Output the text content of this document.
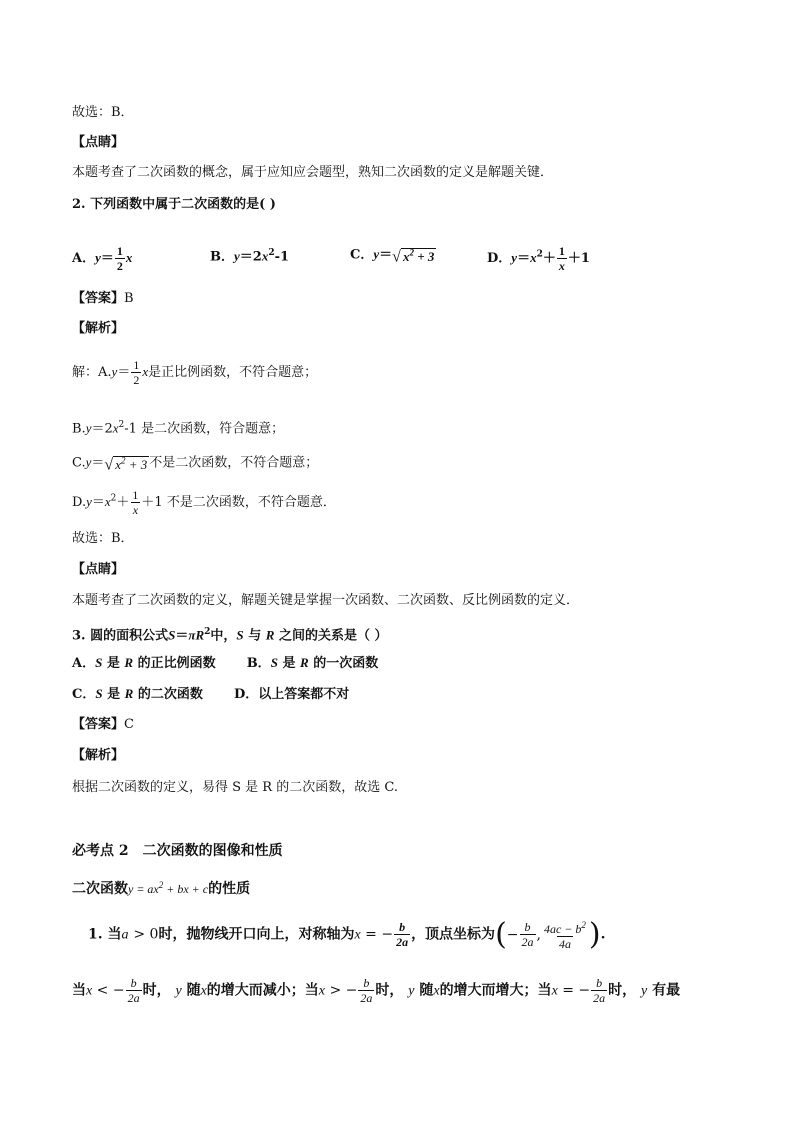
故选：B．
【点睛】
本题考查了二次函数的概念，属于应知应会题型，熟知二次函数的定义是解题关键．
2. 下列函数中属于二次函数的是( )
A．$y= \frac{1}{2}$ x	B．$y=2x^2-1$	C．y＝√ $x^2 + 3$	D．$y=x^2+ \frac{1}{x} +1$
【答案】B
【解析】
解：$A.y= \frac{1}{2}$ x是正比例函数，不符合题意；
$B.y=2x^2-1$ 是二次函数，符合题意；
C.y＝√ $x^2 + 3$ 不是二次函数，不符合题意；
$D.y=x^2+ \frac{1}{x} +1$ 不是二次函数，不符合题意．
故选：B．
【点睛】
本题考查了二次函数的定义，解题关键是掌握一次函数、二次函数、反比例函数的定义．
3. 圆的面积公式$S=\pi R^2$中，S 与 R 之间的关系是（ ）
A．S 是 R 的正比例函数 B．S 是 R 的一次函数
C．S 是 R 的二次函数 D．以上答案都不对
【答案】C
【解析】
根据二次函数的定义，易得 S 是 R 的二次函数，故选 C.
必考点 2　二次函数的图像和性质
二次函数$y = ax^2$ + bx + c的性质
1. 当a > 0时，抛物线开口向上，对称轴为x = − $\frac{b}{2a}$ ，顶点坐标为 ( − $\frac{b}{2a}$ , $\frac{4ac - b^2}{4a}$ ) .
当x < − $\frac{b}{2a}$ 时， y 随x的增大而减小；当x > − $\frac{b}{2a}$ 时， y 随x的增大而增大；当x = − $\frac{b}{2a}$ 时， y 有最
